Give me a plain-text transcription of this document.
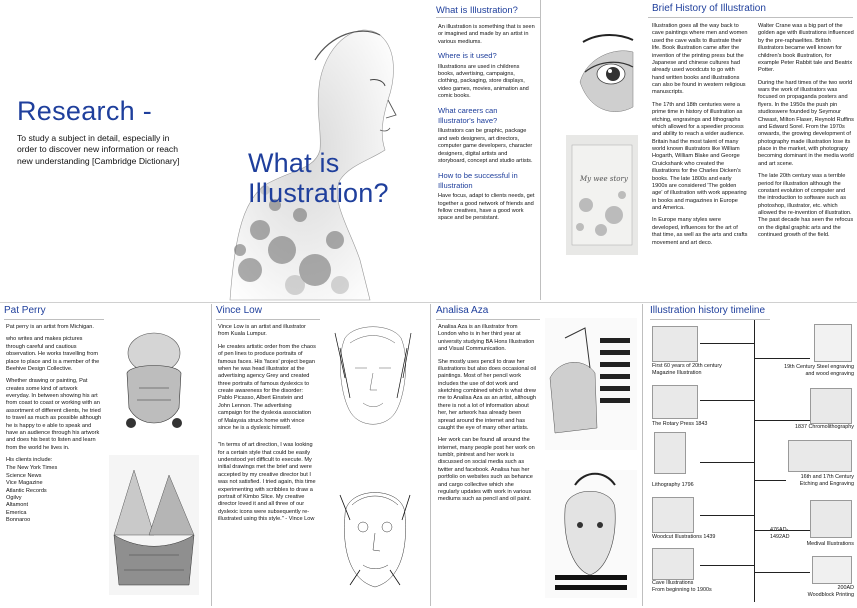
Research -
To study a subject in detail, especially in order to discover new information or reach new understanding [Cambridge Dictionary]	What is
Illustration?
What is Illustration?

An illustration is something that is seen or imagined and made by an artist in various mediums.

Where is it used?

Illustrations are used in childrens books, advertising, campaigns, clothing, packaging, store displays, video games, movies, animation and comic books.

What careers can Illustrator's have?

Illustrators can be graphic, package and web designers, art directors, computer game developers, character designers, digital artists and storyboard, concept and studio artists.

How to be successful in Illustration

Have focus, adapt to clients needs, get together a good network of friends and fellow creatives, have a good work space and be persistant.

Brief History of Illustration
My wee story

Illustration goes all the way back to cave paintings where men and women used the cave walls to illustrate their life. Book illustration came after the invention of the printing press but the Japanese and chinese cultures had already used woodcuts to go with hand written books and illustrations can also be found in western religious manuscripts.

The 17th and 18th centuries were a prime time in history of illustration as etching, engravings and lithographs which allowed for a speedier process and ability to reach a wider audience. Britain had the most talent of many world known illustrators like William Hogarth, William Blake and George Cruickshank who created the illustrations for the Charles Dicken's books. The late 1800s and early 1900s are considered 'The golden age' of illustration with work appearing in books and magazines in Europe and America.

In Europe many styles were developed, influences for the art of that time, as well as the arts and crafts movement and art deco.

Walter Crane was a big part of the golden age with illustrations influenced by the pre-raphaelites. British illustrators became well known for children's book illustration, for example Peter Rabbit tale and Beatrix Potter.

During the hard times of the two world wars the work of illustrators was focused on propaganda posters and flyers. In the 1950s the push pin studioswere founded by Seymour Chwast, Milton Flaser, Reynold Ruffins and Edward Sorel. From the 1970s onwards, the growing development of photography made illustration lose its place in the market, with photograpy becoming dominant in the media world and art scene.

The late 20th century was a terrible period for illustration although the constant evolution of computer and the introduction to software such as photoshop, illustrator, etc. which allowed the re-invention of illustration. The past decade has seen the refocus on the digital graphic arts and the continued growth of the field.

Pat Perry

Pat perry is an artist from Michigan.

who writes and makes pictures through careful and cautious observation. He works travelling from place to place and is a member of the Beehive Design Collective.

Whether drawing or painting, Pat creates some kind of artwork everyday. In between showing his art from coast to coast or working with an assortment of different clients, he tried to travel as much as possible although he is happy to e able to speak and have an audience through his artwork and does his best to listen and learn from the world he lives in.

His clients include:

The New York Times
Science News
Vice Magazine
Atlantic Records
Ogilvy
Altamont
Emerica
Bonnaroo

Vince Low

Vince Low is an artist and illustrator from Kuala Lumpur.

He creates artistic order from the chaos of pen lines to produce portraits of famous faces. His 'faces' project began when he was head illustrator at the advertising agency Grey and created three portraits of famous dyslexics to create awareness for the disorder: Pablo Picasso, Albert Einstein and John Lennon. The advertising campaign for the dyslexia association of Malaysia struck home with vince since he is a dyslexic himself.

"In terms of art direction, I was looking for a certain style that could be easily understood yet difficult to execute. My initial drawings met the brief and were accepted by my creative director but I was not satisfied. I tried again, this time experimenting with scribbles to draw a portrait of Kimbo Slice. My creative director loved it and all three of our dyslexic icons were subsequently re-illustrated using this style." - Vince Low

Analisa Aza

Analisa Aza is an illustrator from London who is in her third year at university studying BA Hons Illustration and Visual Communication.

She mostly uses pencil to draw her illustrations but also does occasional oil paintings. Most of her pencil work includes the use of dot work and sketching combined which is what drew me to Analisa Aza as an artist, although there is not a lot of information about her, her artwork has already been spread around the internet and has caught the eye of many other artists.

Her work can be found all around the internet, many people post her work on tumblr, pintrest and her work is discussed on social media such as twitter and facebook. Analisa has her portfolio on websites such as behance and cargo collective which she regularly updates with work in various mediums such as pencil and oil paint.

Illustration history timeline
First 60 years of 20th century
Magazine Illustration
The Rotary Press 1843
Lithography 1796
Woodcut Illustrations 1439
Cave Illustrations
From beginning to 1900s
19th Century Steel engraving
and wood engraving
1837 Chromolithography
16th and 17th Century
Etching and Engraving

1492AD
Medival Illustrations
200AD
Woodblock Printing
